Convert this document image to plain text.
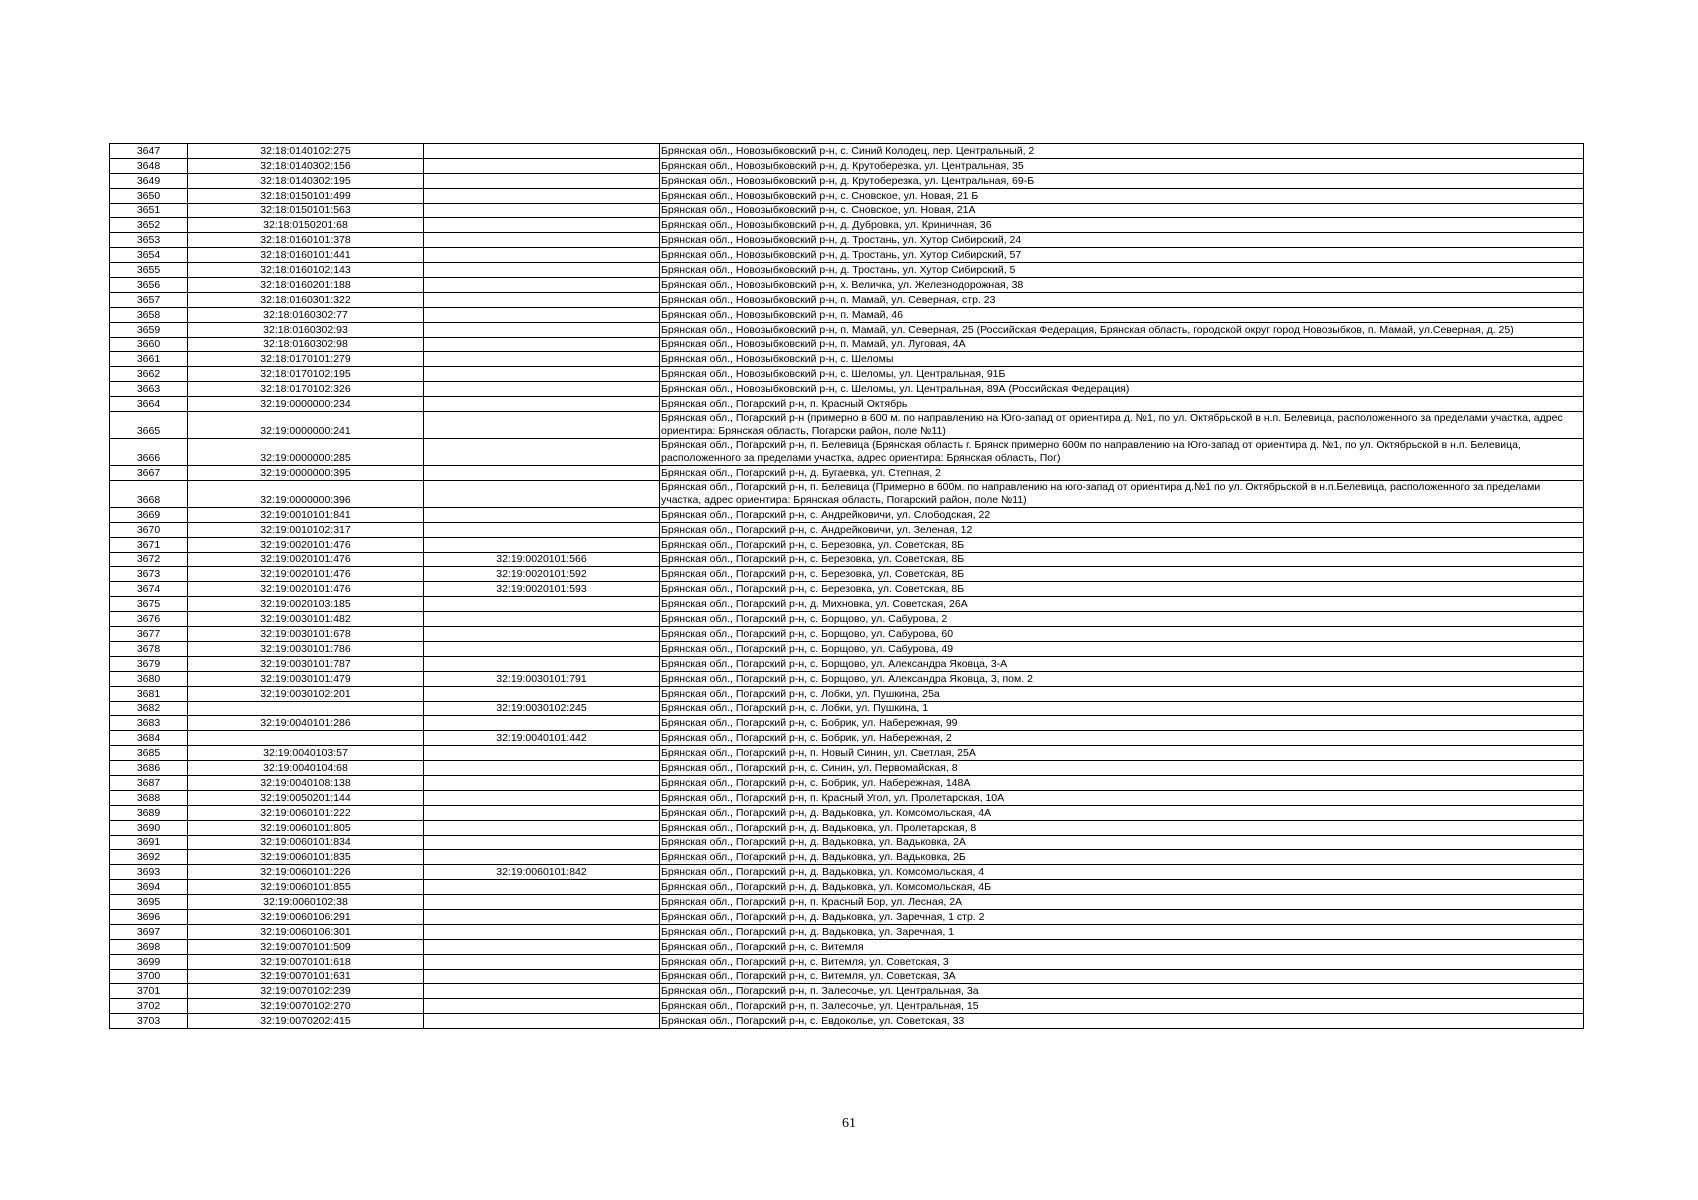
3647	32:18:0140102:275		Брянская обл., Новозыбковский р-н, с. Синий Колодец, пер. Центральный, 2
3648	32:18:0140302:156		Брянская обл., Новозыбковский р-н, д. Крутоберезка, ул. Центральная, 35
3649	32:18:0140302:195		Брянская обл., Новозыбковский р-н, д. Крутоберезка, ул. Центральная, 69-Б
3650	32:18:0150101:499		Брянская обл., Новозыбковский р-н, с. Сновское, ул. Новая, 21 Б
3651	32:18:0150101:563		Брянская обл., Новозыбковский р-н, с. Сновское, ул. Новая, 21А
3652	32:18:0150201:68		Брянская обл., Новозыбковский р-н, д. Дубровка, ул. Криничная, 36
3653	32:18:0160101:378		Брянская обл., Новозыбковский р-н, д. Тростань, ул. Хутор Сибирский, 24
3654	32:18:0160101:441		Брянская обл., Новозыбковский р-н, д. Тростань, ул. Хутор Сибирский, 57
3655	32:18:0160102:143		Брянская обл., Новозыбковский р-н, д. Тростань, ул. Хутор Сибирский, 5
3656	32:18:0160201:188		Брянская обл., Новозыбковский р-н, х. Величка, ул. Железнодорожная, 38
3657	32:18:0160301:322		Брянская обл., Новозыбковский р-н, п. Мамай, ул. Северная, стр. 23
3658	32:18:0160302:77		Брянская обл., Новозыбковский р-н, п. Мамай, 46
3659	32:18:0160302:93		Брянская обл., Новозыбковский р-н, п. Мамай, ул. Северная, 25 (Российская Федерация, Брянская область, городской округ город Новозыбков, п. Мамай, ул.Северная, д. 25)
3660	32:18:0160302:98		Брянская обл., Новозыбковский р-н, п. Мамай, ул. Луговая, 4А
3661	32:18:0170101:279		Брянская обл., Новозыбковский р-н, с. Шеломы
3662	32:18:0170102:195		Брянская обл., Новозыбковский р-н, с. Шеломы, ул. Центральная, 91Б
3663	32:18:0170102:326		Брянская обл., Новозыбковский р-н, с. Шеломы, ул. Центральная, 89А (Российская Федерация)
3664	32:19:0000000:234		Брянская обл., Погарский р-н, п. Красный Октябрь
3665	32:19:0000000:241		Брянская обл., Погарский р-н (примерно в 600 м. по направлению на Юго-запад от ориентира д. №1, по ул. Октябрьской в н.п. Белевица, расположенного за пределами участка, адрес ориентира: Брянская область, Погарски район, поле №11)
3666	32:19:0000000:285		Брянская обл., Погарский р-н, п. Белевица (Брянская область г. Брянск примерно 600м по направлению на Юго-запад от ориентира д. №1, по ул. Октябрьской в н.п. Белевица, расположенного за пределами участка, адрес ориентира: Брянская область, Пог)
3667	32:19:0000000:395		Брянская обл., Погарский р-н, д. Бугаевка, ул. Степная, 2
3668	32:19:0000000:396		Брянская обл., Погарский р-н, п. Белевица (Примерно в 600м. по направлению на юго-запад от ориентира д.№1 по ул. Октябрьской в н.п.Белевица, расположенного за пределами участка, адрес ориентира: Брянская область, Погарский район, поле №11)
3669	32:19:0010101:841		Брянская обл., Погарский р-н, с. Андрейковичи, ул. Слободская, 22
3670	32:19:0010102:317		Брянская обл., Погарский р-н, с. Андрейковичи, ул. Зеленая, 12
3671	32:19:0020101:476		Брянская обл., Погарский р-н, с. Березовка, ул. Советская, 8Б
3672	32:19:0020101:476	32:19:0020101:566	Брянская обл., Погарский р-н, с. Березовка, ул. Советская, 8Б
3673	32:19:0020101:476	32:19:0020101:592	Брянская обл., Погарский р-н, с. Березовка, ул. Советская, 8Б
3674	32:19:0020101:476	32:19:0020101:593	Брянская обл., Погарский р-н, с. Березовка, ул. Советская, 8Б
3675	32:19:0020103:185		Брянская обл., Погарский р-н, д. Михновка, ул. Советская, 26А
3676	32:19:0030101:482		Брянская обл., Погарский р-н, с. Борщово, ул. Сабурова, 2
3677	32:19:0030101:678		Брянская обл., Погарский р-н, с. Борщово, ул. Сабурова, 60
3678	32:19:0030101:786		Брянская обл., Погарский р-н, с. Борщово, ул. Сабурова, 49
3679	32:19:0030101:787		Брянская обл., Погарский р-н, с. Борщово, ул. Александра Яковца, 3-А
3680	32:19:0030101:479	32:19:0030101:791	Брянская обл., Погарский р-н, с. Борщово, ул. Александра Яковца, 3, пом. 2
3681	32:19:0030102:201		Брянская обл., Погарский р-н, с. Лобки, ул. Пушкина, 25а
3682		32:19:0030102:245	Брянская обл., Погарский р-н, с. Лобки, ул. Пушкина, 1
3683	32:19:0040101:286		Брянская обл., Погарский р-н, с. Бобрик, ул. Набережная, 99
3684		32:19:0040101:442	Брянская обл., Погарский р-н, с. Бобрик, ул. Набережная, 2
3685	32:19:0040103:57		Брянская обл., Погарский р-н, п. Новый Синин, ул. Светлая, 25А
3686	32:19:0040104:68		Брянская обл., Погарский р-н, с. Синин, ул. Первомайская, 8
3687	32:19:0040108:138		Брянская обл., Погарский р-н, с. Бобрик, ул. Набережная, 148А
3688	32:19:0050201:144		Брянская обл., Погарский р-н, п. Красный Угол, ул. Пролетарская, 10А
3689	32:19:0060101:222		Брянская обл., Погарский р-н, д. Вадьковка, ул. Комсомольская, 4А
3690	32:19:0060101:805		Брянская обл., Погарский р-н, д. Вадьковка, ул. Пролетарская, 8
3691	32:19:0060101:834		Брянская обл., Погарский р-н, д. Вадьковка, ул. Вадьковка, 2А
3692	32:19:0060101:835		Брянская обл., Погарский р-н, д. Вадьковка, ул. Вадьковка, 2Б
3693	32:19:0060101:226	32:19:0060101:842	Брянская обл., Погарский р-н, д. Вадьковка, ул. Комсомольская, 4
3694	32:19:0060101:855		Брянская обл., Погарский р-н, д. Вадьковка, ул. Комсомольская, 4Б
3695	32:19:0060102:38		Брянская обл., Погарский р-н, п. Красный Бор, ул. Лесная, 2А
3696	32:19:0060106:291		Брянская обл., Погарский р-н, д. Вадьковка, ул. Заречная, 1 стр. 2
3697	32:19:0060106:301		Брянская обл., Погарский р-н, д. Вадьковка, ул. Заречная, 1
3698	32:19:0070101:509		Брянская обл., Погарский р-н, с. Витемля
3699	32:19:0070101:618		Брянская обл., Погарский р-н, с. Витемля, ул. Советская, 3
3700	32:19:0070101:631		Брянская обл., Погарский р-н, с. Витемля, ул. Советская, 3А
3701	32:19:0070102:239		Брянская обл., Погарский р-н, п. Залесочье, ул. Центральная, 3а
3702	32:19:0070102:270		Брянская обл., Погарский р-н, п. Залесочье, ул. Центральная, 15
3703	32:19:0070202:415		Брянская обл., Погарский р-н, с. Евдоколье, ул. Советская, 33
61
